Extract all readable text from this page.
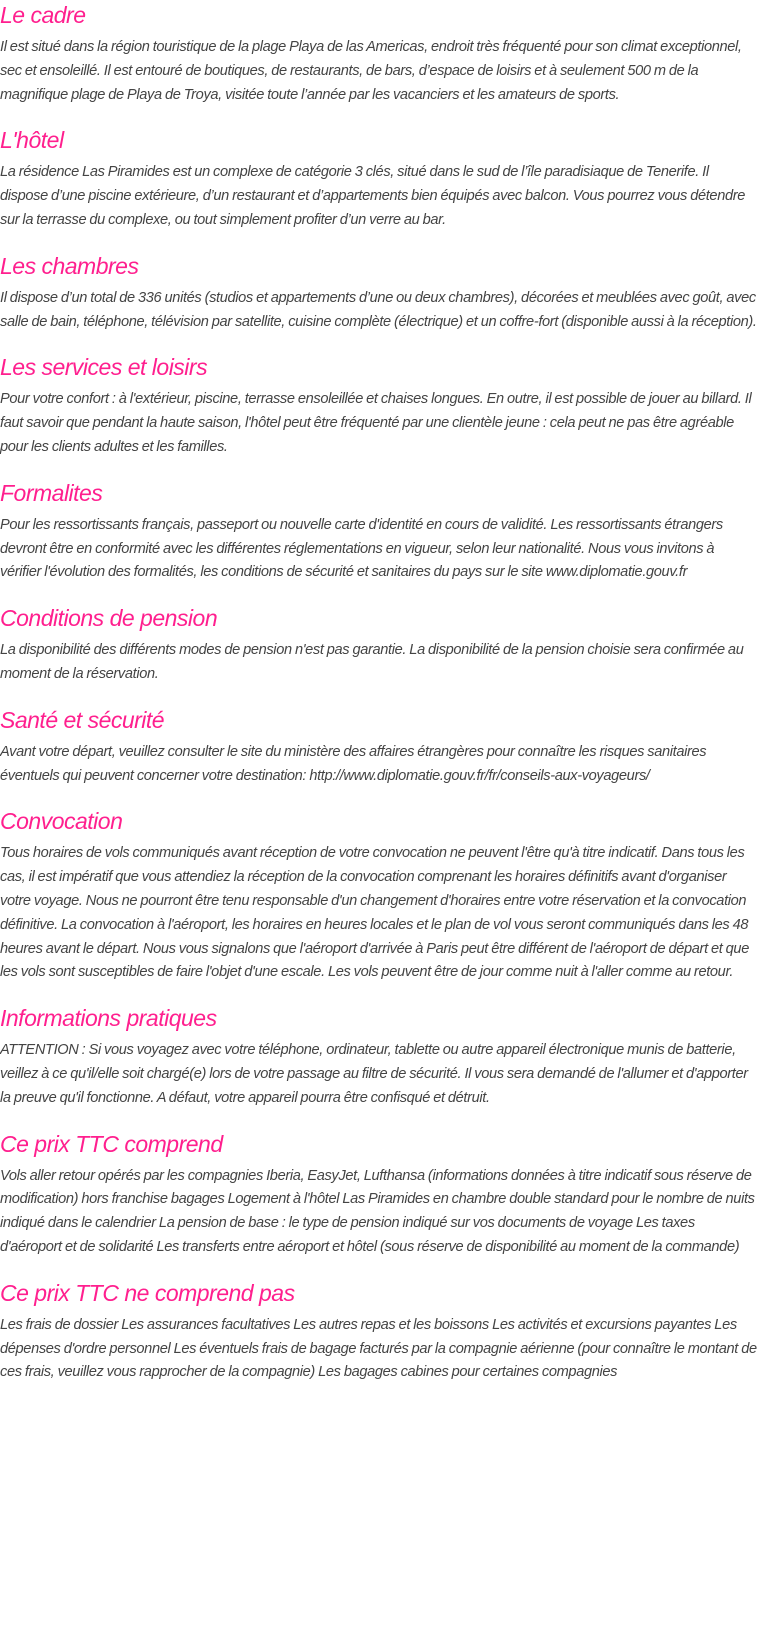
Le cadre

Il est situé dans la région touristique de la plage Playa de las Americas, endroit très fréquenté pour son climat exceptionnel, sec et ensoleillé. Il est entouré de boutiques, de restaurants, de bars, d’espace de loisirs et à seulement 500 m de la magnifique plage de Playa de Troya, visitée toute l’année par les vacanciers et les amateurs de sports.

L'hôtel

La résidence Las Piramides est un complexe de catégorie 3 clés, situé dans le sud de l’île paradisiaque de Tenerife. Il dispose d’une piscine extérieure, d’un restaurant et d’appartements bien équipés avec balcon. Vous pourrez vous détendre sur la terrasse du complexe, ou tout simplement profiter d’un verre au bar.

Les chambres

Il dispose d’un total de 336 unités (studios et appartements d’une ou deux chambres), décorées et meublées avec goût, avec salle de bain, téléphone, télévision par satellite, cuisine complète (électrique) et un coffre-fort (disponible aussi à la réception).

Les services et loisirs

Pour votre confort : à l'extérieur, piscine, terrasse ensoleillée et chaises longues. En outre, il est possible de jouer au billard. Il faut savoir que pendant la haute saison, l'hôtel peut être fréquenté par une clientèle jeune : cela peut ne pas être agréable pour les clients adultes et les familles.

Formalites

Pour les ressortissants français, passeport ou nouvelle carte d'identité en cours de validité. Les ressortissants étrangers devront être en conformité avec les différentes réglementations en vigueur, selon leur nationalité. Nous vous invitons à vérifier l'évolution des formalités, les conditions de sécurité et sanitaires du pays sur le site www.diplomatie.gouv.fr

Conditions de pension

La disponibilité des différents modes de pension n'est pas garantie. La disponibilité de la pension choisie sera confirmée au moment de la réservation.

Santé et sécurité

Avant votre départ, veuillez consulter le site du ministère des affaires étrangères pour connaître les risques sanitaires éventuels qui peuvent concerner votre destination: http://www.diplomatie.gouv.fr/fr/conseils-aux-voyageurs/

Convocation

Tous horaires de vols communiqués avant réception de votre convocation ne peuvent l'être qu'à titre indicatif. Dans tous les cas, il est impératif que vous attendiez la réception de la convocation comprenant les horaires définitifs avant d'organiser votre voyage. Nous ne pourront être tenu responsable d'un changement d'horaires entre votre réservation et la convocation définitive. La convocation à l'aéroport, les horaires en heures locales et le plan de vol vous seront communiqués dans les 48 heures avant le départ. Nous vous signalons que l'aéroport d'arrivée à Paris peut être différent de l'aéroport de départ et que les vols sont susceptibles de faire l'objet d'une escale. Les vols peuvent être de jour comme nuit à l'aller comme au retour.

Informations pratiques

ATTENTION : Si vous voyagez avec votre téléphone, ordinateur, tablette ou autre appareil électronique munis de batterie, veillez à ce qu'il/elle soit chargé(e) lors de votre passage au filtre de sécurité. Il vous sera demandé de l'allumer et d'apporter la preuve qu'il fonctionne. A défaut, votre appareil pourra être confisqué et détruit.

Ce prix TTC comprend

Vols aller retour opérés par les compagnies Iberia, EasyJet, Lufthansa (informations données à titre indicatif sous réserve de modification) hors franchise bagages Logement à l'hôtel Las Piramides en chambre double standard pour le nombre de nuits indiqué dans le calendrier La pension de base : le type de pension indiqué sur vos documents de voyage Les taxes d'aéroport et de solidarité Les transferts entre aéroport et hôtel (sous réserve de disponibilité au moment de la commande)

Ce prix TTC ne comprend pas

Les frais de dossier Les assurances facultatives Les autres repas et les boissons Les activités et excursions payantes Les dépenses d'ordre personnel Les éventuels frais de bagage facturés par la compagnie aérienne (pour connaître le montant de ces frais, veuillez vous rapprocher de la compagnie) Les bagages cabines pour certaines compagnies
